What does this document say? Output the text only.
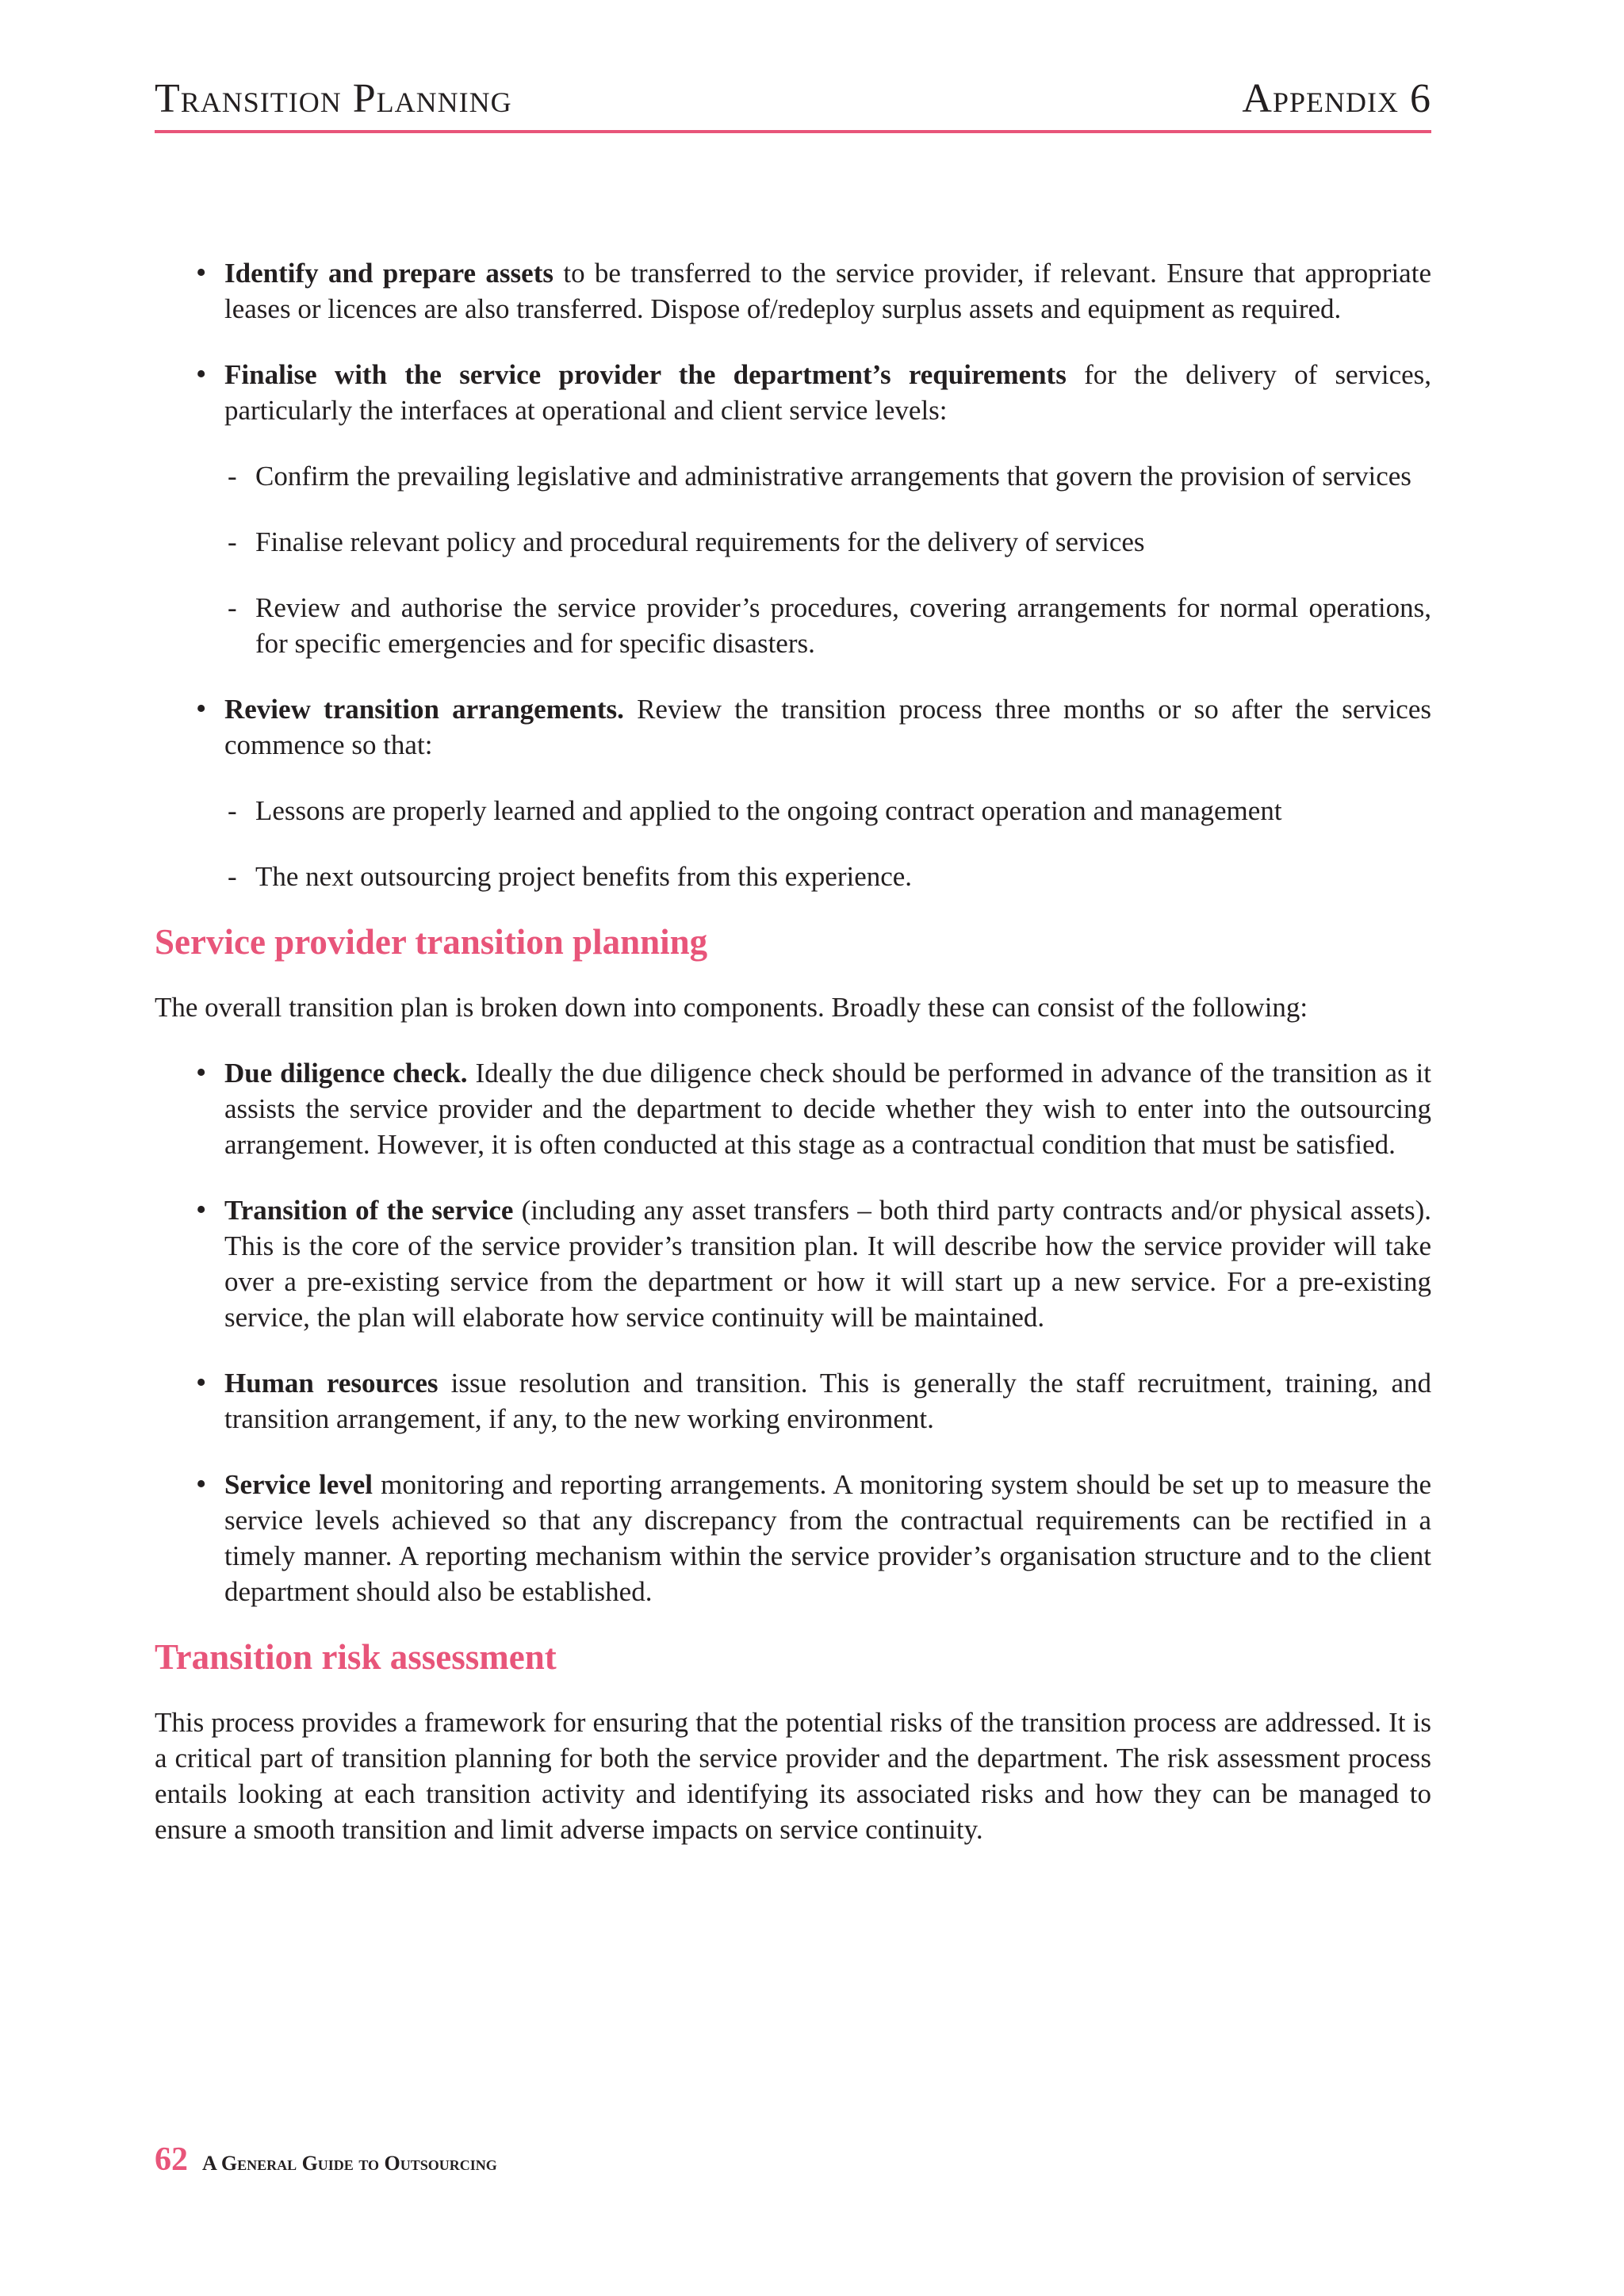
Transition Planning	Appendix 6

• Identify and prepare assets to be transferred to the service provider, if relevant. Ensure that appropriate leases or licences are also transferred. Dispose of/redeploy surplus assets and equipment as required.

• Finalise with the service provider the department’s requirements for the delivery of services, particularly the interfaces at operational and client service levels:

- Confirm the prevailing legislative and administrative arrangements that govern the provision of services

- Finalise relevant policy and procedural requirements for the delivery of services

- Review and authorise the service provider’s procedures, covering arrangements for normal operations, for specific emergencies and for specific disasters.

• Review transition arrangements. Review the transition process three months or so after the services commence so that:

- Lessons are properly learned and applied to the ongoing contract operation and management

- The next outsourcing project benefits from this experience.

Service provider transition planning

The overall transition plan is broken down into components. Broadly these can consist of the following:

• Due diligence check. Ideally the due diligence check should be performed in advance of the transition as it assists the service provider and the department to decide whether they wish to enter into the outsourcing arrangement. However, it is often conducted at this stage as a contractual condition that must be satisfied.

• Transition of the service (including any asset transfers – both third party contracts and/or physical assets). This is the core of the service provider’s transition plan. It will describe how the service provider will take over a pre-existing service from the department or how it will start up a new service. For a pre-existing service, the plan will elaborate how service continuity will be maintained.

• Human resources issue resolution and transition. This is generally the staff recruitment, training, and transition arrangement, if any, to the new working environment.

• Service level monitoring and reporting arrangements. A monitoring system should be set up to measure the service levels achieved so that any discrepancy from the contractual requirements can be rectified in a timely manner. A reporting mechanism within the service provider’s organisation structure and to the client department should also be established.

Transition risk assessment

This process provides a framework for ensuring that the potential risks of the transition process are addressed. It is a critical part of transition planning for both the service provider and the department. The risk assessment process entails looking at each transition activity and identifying its associated risks and how they can be managed to ensure a smooth transition and limit adverse impacts on service continuity.

62 A General Guide to Outsourcing
